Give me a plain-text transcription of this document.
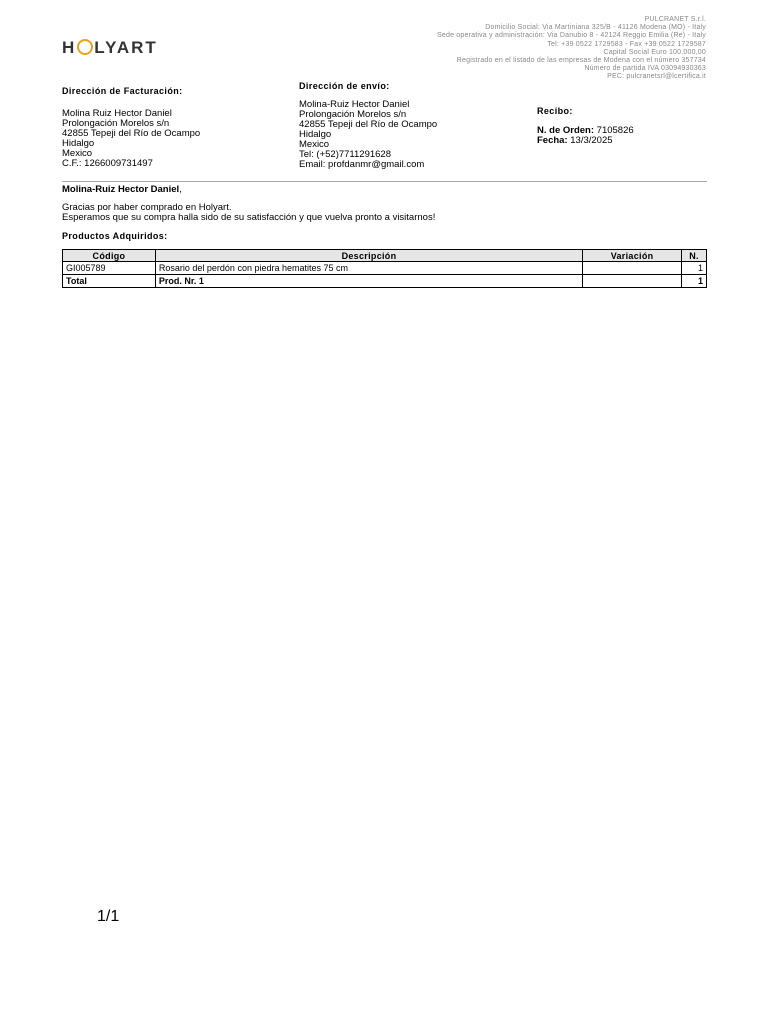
H LYART
PULCRANET S.r.l.
Domicilio Social: Via Martiniana 325/B - 41126 Modena (MO) - Italy
Sede operativa y administración: Via Danubio 8 - 42124 Reggio Emilia (Re) - Italy
Tel: +39 0522 1729583 - Fax +39 0522 1729587
Capital Social Euro 100.000,00
Registrado en el listado de las empresas de Modena con el número 357734
Número de partida IVA 03094930363
PEC: pulcranetsrl@lcertifica.it
Dirección de Facturación:
Molina Ruiz Hector Daniel
Prolongación Morelos s/n
42855 Tepeji del Río de Ocampo
Hidalgo
Mexico
C.F.: 1266009731497
Dirección de envío:
Molina-Ruiz Hector Daniel
Prolongación Morelos s/n
42855 Tepeji del Río de Ocampo
Hidalgo
Mexico
Tel: (+52)7711291628
Email: profdanmr@gmail.com
Recibo:
N. de Orden: 7105826
Fecha: 13/3/2025
Molina-Ruiz Hector Daniel,
Gracias por haber comprado en Holyart.
Esperamos que su compra halla sido de su satisfacción y que vuelva pronto a visitarnos!
Productos Adquiridos:
Código	Descripción	Variación	N.
GI005789	Rosario del perdón con piedra hematites 75 cm		1
Total	Prod. Nr. 1		1
1/1
